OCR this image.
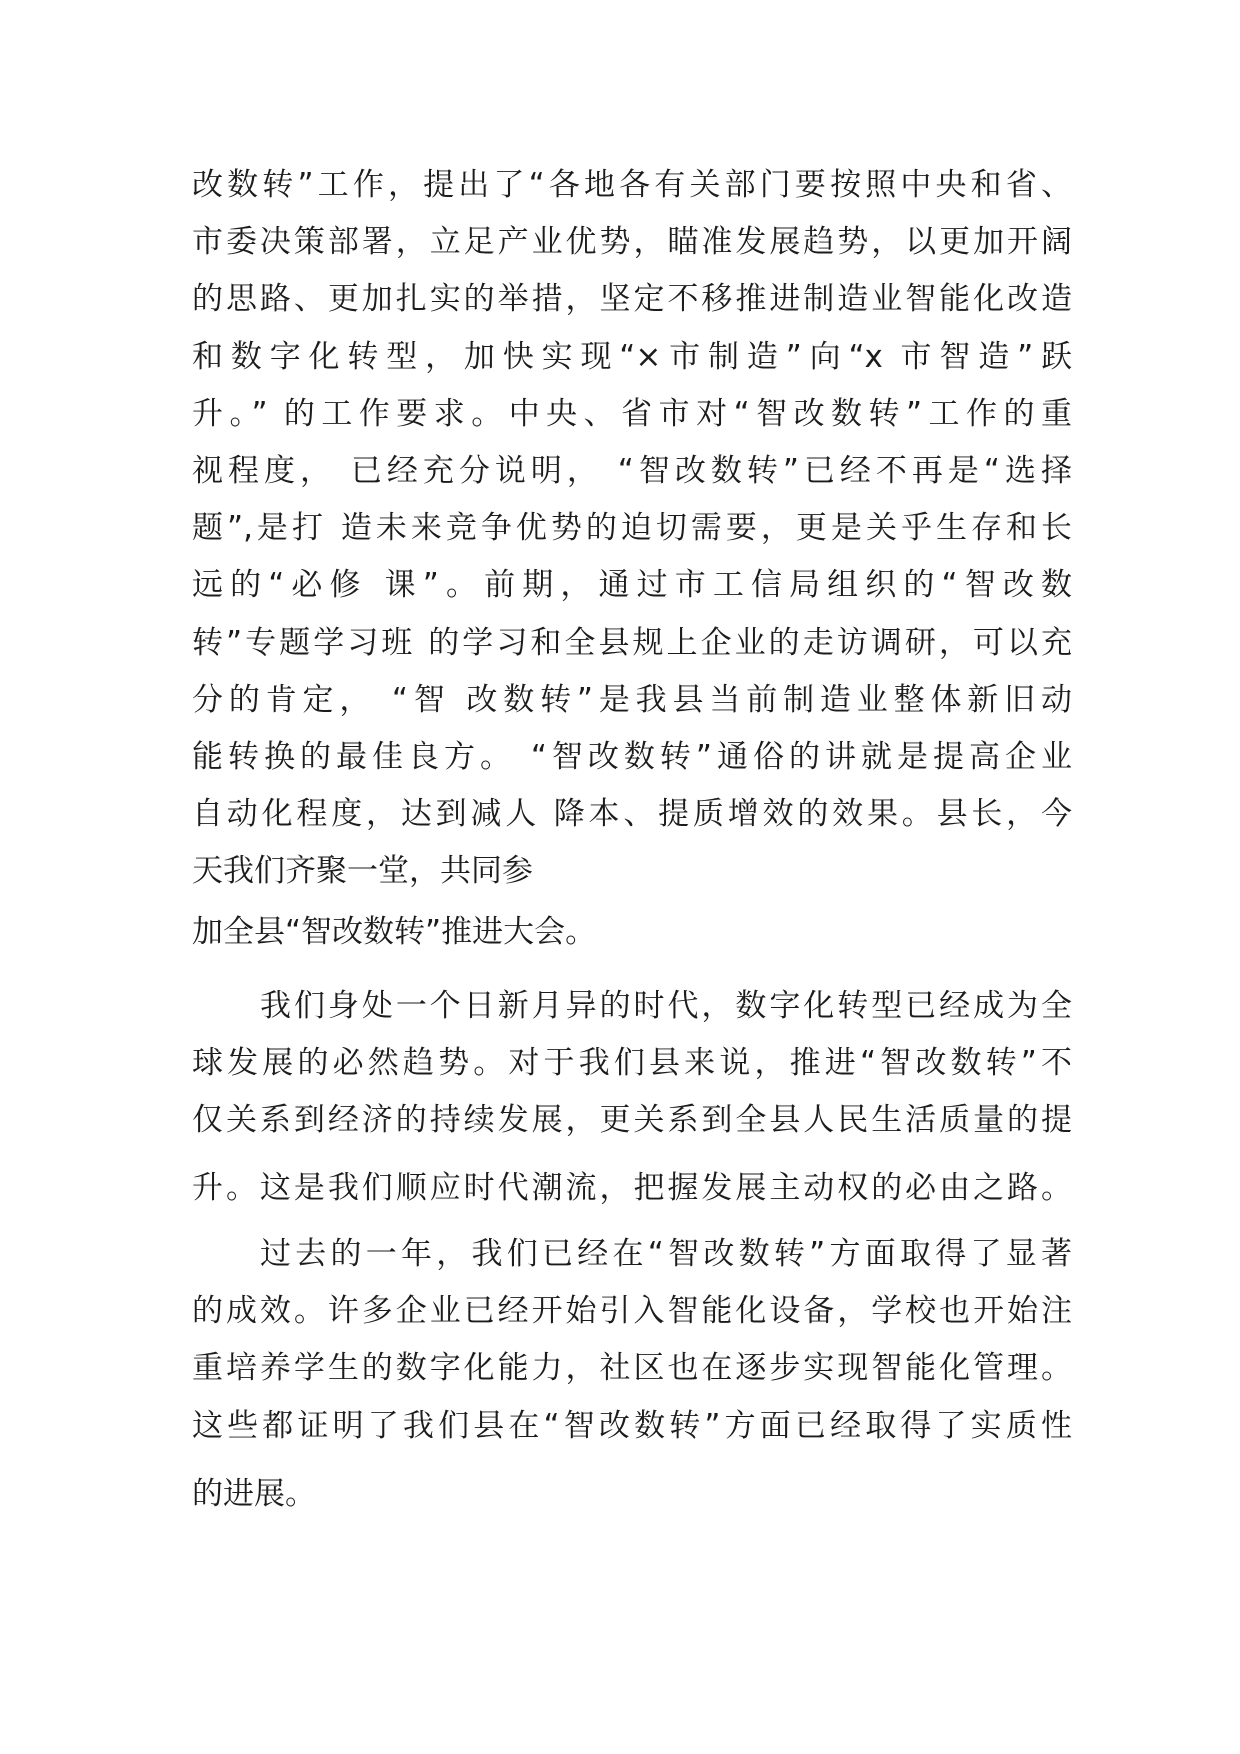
改数转”工作，提出了“各地各有关部门要按照中央和省、
市委决策部署，立足产业优势，瞄准发展趋势，以更加开阔
的思路、更加扎实的举措，坚定不移推进制造业智能化改造
和数字化转型，加快实现“×市制造”向“x 市智造”跃
升。” 的工作要求。中央、省市对“智改数转”工作的重
视程度， 已经充分说明， “智改数转”已经不再是“选择
题”,是打 造未来竞争优势的迫切需要，更是关乎生存和长
远的“必修 课”。前期，通过市工信局组织的“智改数
转”专题学习班 的学习和全县规上企业的走访调研，可以充
分的肯定， “智 改数转”是我县当前制造业整体新旧动
能转换的最佳良方。 “智改数转”通俗的讲就是提高企业
自动化程度，达到减人 降本、提质增效的效果。县长，今
天我们齐聚一堂，共同参
加全县“智改数转”推进大会。
我们身处一个日新月异的时代，数字化转型已经成为全
球发展的必然趋势。对于我们县来说，推进“智改数转”不
仅关系到经济的持续发展，更关系到全县人民生活质量的提
升。这是我们顺应时代潮流，把握发展主动权的必由之路。
过去的一年，我们已经在“智改数转”方面取得了显著
的成效。许多企业已经开始引入智能化设备，学校也开始注
重培养学生的数字化能力，社区也在逐步实现智能化管理。
这些都证明了我们县在“智改数转”方面已经取得了实质性
的进展。
